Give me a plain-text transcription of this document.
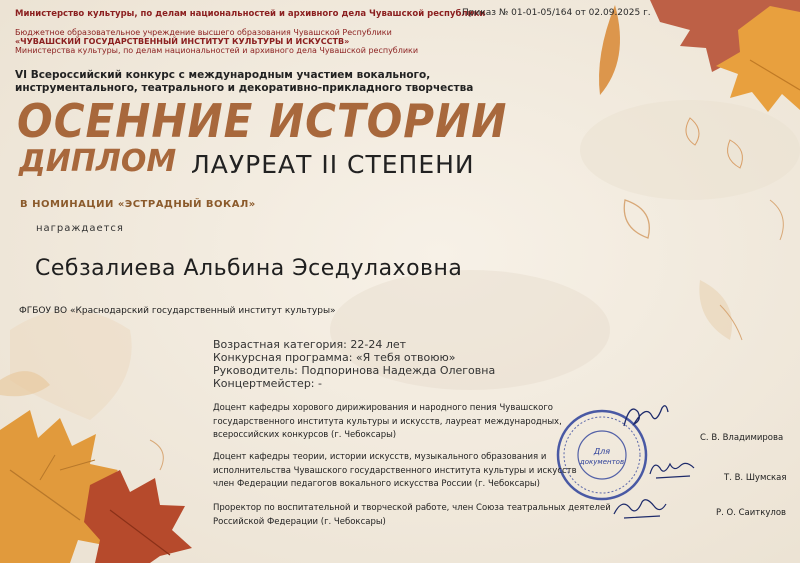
Министерство культуры, по делам национальностей и архивного дела Чувашской республики
Приказ № 01-01-05/164 от 02.09.2025 г.
Бюджетное образовательное учреждение высшего образования Чувашской Республики
«ЧУВАШСКИЙ ГОСУДАРСТВЕННЫЙ ИНСТИТУТ КУЛЬТУРЫ И ИСКУССТВ»
Министерства культуры, по делам национальностей и архивного дела Чувашской республики
VI Всероссийский конкурс с международным участием вокального,
инструментального, театрального и декоративно-прикладного творчества
ОСЕННИЕ ИСТОРИИ
ДИПЛОМ ЛАУРЕАТ II СТЕПЕНИ
В НОМИНАЦИИ «ЭСТРАДНЫЙ ВОКАЛ»
награждается
Себзалиева Альбина Эседулаховна
ФГБОУ ВО «Краснодарский государственный институт культуры»
Возрастная категория: 22-24 лет
Конкурсная программа: «Я тебя отвоюю»
Руководитель: Подпоринова Надежда Олеговна
Концертмейстер: -
Для
документов
Доцент кафедры хорового дирижирования и народного пения Чувашского
государственного института культуры и искусств, лауреат международных,
всероссийских конкурсов (г. Чебоксары)	С. В. Владимирова
Доцент кафедры теории, истории искусств, музыкального образования и
исполнительства Чувашского государственного института культуры и искусств
член Федерации педагогов вокального искусства России (г. Чебоксары)
Т. В. Шумская
Проректор по воспитательной и творческой работе, член Союза театральных деятелей
Российской Федерации (г. Чебоксары)
Р. О. Саиткулов
